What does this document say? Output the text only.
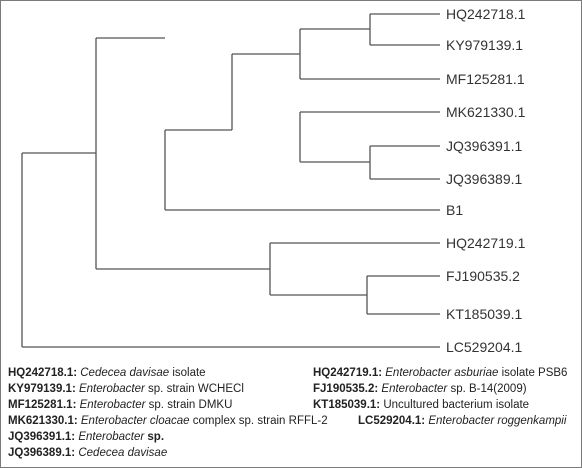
HQ242718.1
KY979139.1
MF125281.1
MK621330.1
JQ396391.1
JQ396389.1
B1
HQ242719.1
FJ190535.2
KT185039.1
LC529204.1
HQ242718.1: Cedecea davisae isolate
KY979139.1: Enterobacter sp. strain WCHECl
MF125281.1: Enterobacter sp. strain DMKU
MK621330.1: Enterobacter cloacae complex sp. strain RFFL-2
JQ396391.1: Enterobacter sp.
JQ396389.1: Cedecea davisae
HQ242719.1: Enterobacter asburiae isolate PSB6
FJ190535.2: Enterobacter sp. B-14(2009)
KT185039.1: Uncultured bacterium isolate
LC529204.1: Enterobacter roggenkampii
